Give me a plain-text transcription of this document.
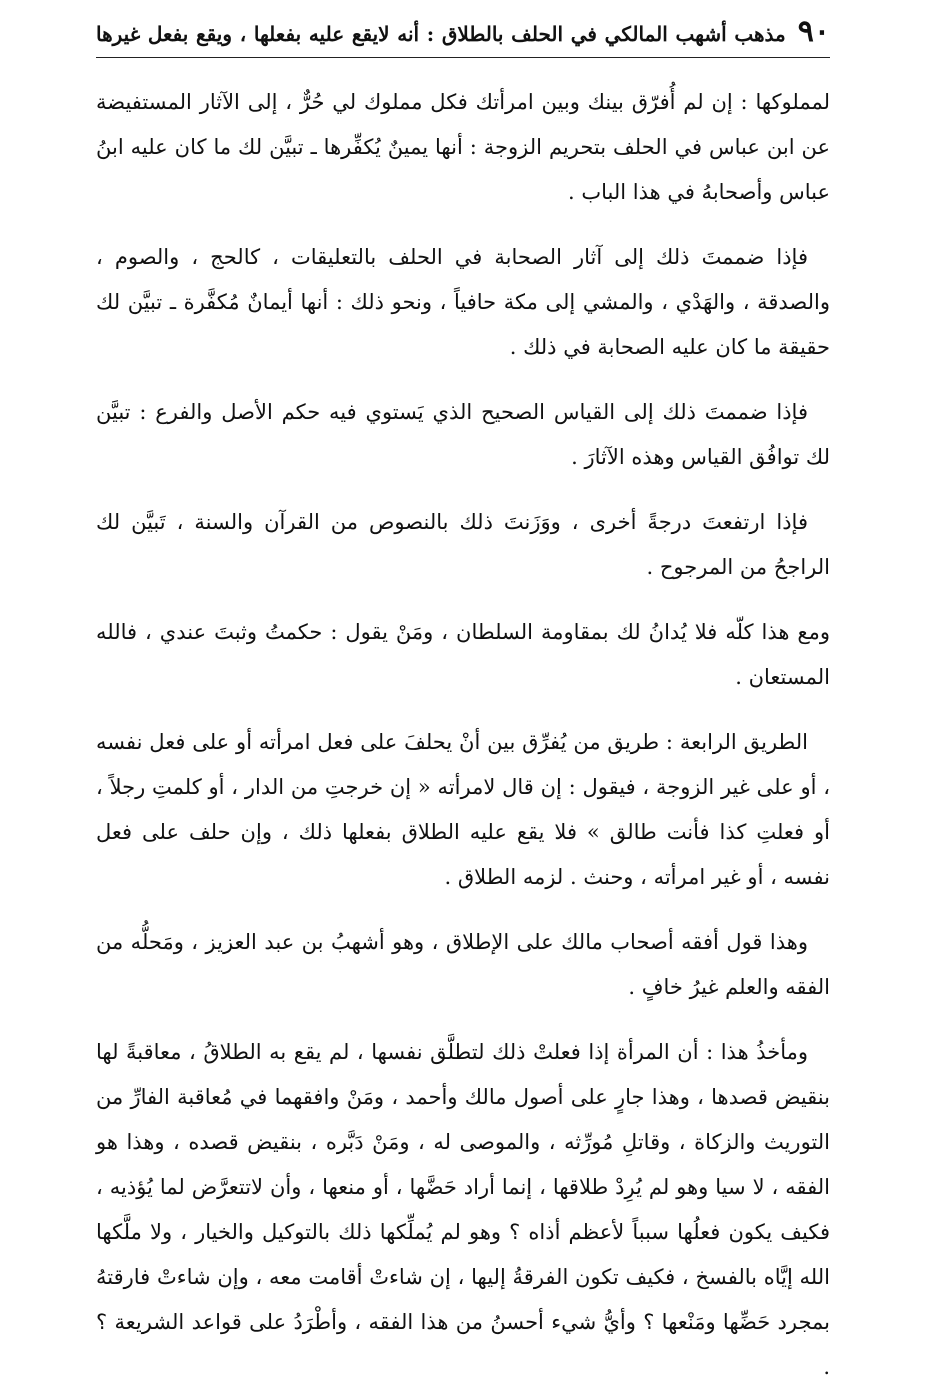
٩٠
مذهب أشهب المالكي في الحلف بالطلاق : أنه لايقع عليه بفعلها ، ويقع بفعل غيرها

لمملوكها : إن لم أُفرّق بينك وبين امرأتك فكل مملوك لي حُرٌّ ، إلى الآثار المستفيضة عن ابن عباس في الحلف بتحريم الزوجة : أنها يمينٌ يُكفِّرها ـ تبيَّن لك ما كان عليه ابنُ عباس وأصحابهُ في هذا الباب .

فإذا ضممتَ ذلك إلى آثار الصحابة في الحلف بالتعليقات ، كالحج ، والصوم ، والصدقة ، والهَدْي ، والمشي إلى مكة حافياً ، ونحو ذلك : أنها أيمانٌ مُكفَّرة ـ تبيَّن لك حقيقة ما كان عليه الصحابة في ذلك .

فإذا ضممتَ ذلك إلى القياس الصحيح الذي يَستوي فيه حكم الأصل والفرع : تبيَّن لك توافُق القياس وهذه الآثارَ .

فإذا ارتفعتَ درجةً أخرى ، ووَزَنتَ ذلك بالنصوص من القرآن والسنة ، تَبيَّن لك الراجحُ من المرجوح .

ومع هذا كلّه فلا يُدانُ لك بمقاومة السلطان ، ومَنْ يقول : حكمتُ وثبتَ عندي ، فالله المستعان .

الطريق الرابعة : طريق من يُفرِّق بين أنْ يحلفَ على فعل امرأته أو على فعل نفسه ، أو على غير الزوجة ، فيقول : إن قال لامرأته « إن خرجتِ من الدار ، أو كلمتِ رجلاً ، أو فعلتِ كذا فأنت طالق » فلا يقع عليه الطلاق بفعلها ذلك ، وإن حلف على فعل نفسه ، أو غير امرأته ، وحنث . لزمه الطلاق .

وهذا قول أفقه أصحاب مالك على الإطلاق ، وهو أشهبُ بن عبد العزيز ، ومَحلُّه من الفقه والعلم غيرُ خافٍ .

ومأخذُ هذا : أن المرأة إذا فعلتْ ذلك لتطلَّق نفسها ، لم يقع به الطلاقُ ، معاقبةً لها بنقيض قصدها ، وهذا جارٍ على أصول مالك وأحمد ، ومَنْ وافقهما في مُعاقبة الفارِّ من التوريث والزكاة ، وقاتلِ مُورِّثه ، والموصى له ، ومَنْ دَبَّره ، بنقيض قصده ، وهذا هو الفقه ، لا سيا وهو لم يُرِدْ طلاقها ، إنما أراد حَضَّها ، أو منعها ، وأن لاتتعرَّض لما يُؤذيه ، فكيف يكون فعلُها سبباً لأعظم أذاه ؟ وهو لم يُملِّكها ذلك بالتوكيل والخيار ، ولا ملَّكها الله إيَّاه بالفسخ ، فكيف تكون الفرقةُ إليها ، إن شاءتْ أقامت معه ، وإن شاءتْ فارقتهُ بمجرد حَضِّها ومَنْعها ؟ وأيُّ شيء أحسنُ من هذا الفقه ، وأطْرَدُ على قواعد الشريعة ؟ .
